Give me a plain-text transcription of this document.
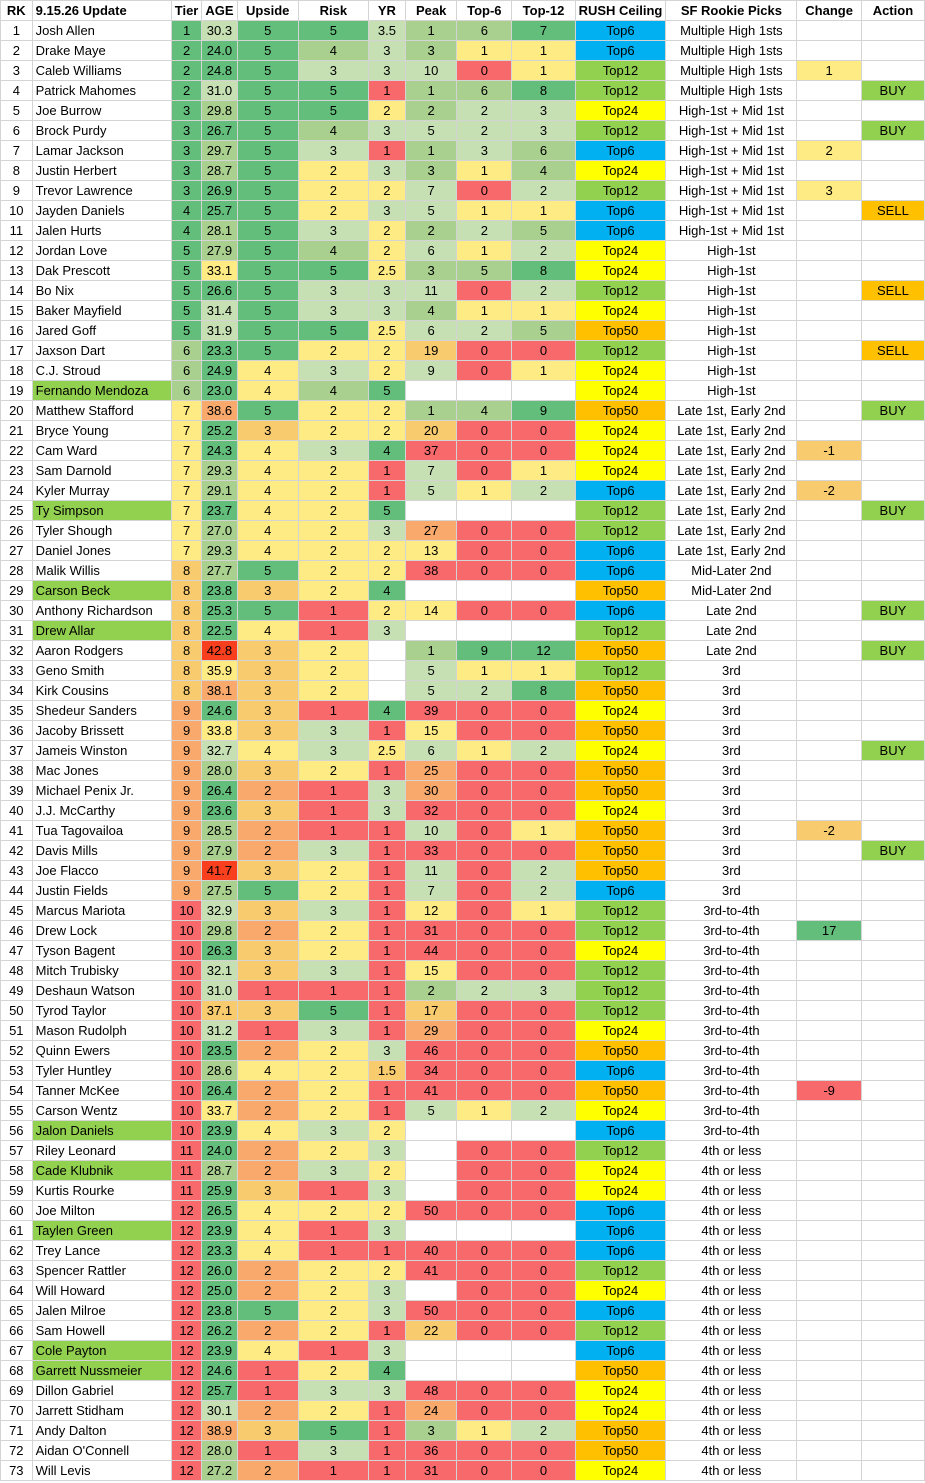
RK	9.15.26 Update	Tier	AGE	Upside	Risk	YR	Peak	Top-6	Top-12	RUSH Ceiling	SF Rookie Picks	Change	Action
1	Josh Allen	1	30.3	5	5	3.5	1	6	7	Top6	Multiple High 1sts		
2	Drake Maye	2	24.0	5	4	3	3	1	1	Top6	Multiple High 1sts		
3	Caleb Williams	2	24.8	5	3	3	10	0	1	Top12	Multiple High 1sts	1	
4	Patrick Mahomes	2	31.0	5	5	1	1	6	8	Top12	Multiple High 1sts		BUY
5	Joe Burrow	3	29.8	5	5	2	2	2	3	Top24	High-1st + Mid 1st		
6	Brock Purdy	3	26.7	5	4	3	5	2	3	Top12	High-1st + Mid 1st		BUY
7	Lamar Jackson	3	29.7	5	3	1	1	3	6	Top6	High-1st + Mid 1st	2	
8	Justin Herbert	3	28.7	5	2	3	3	1	4	Top24	High-1st + Mid 1st		
9	Trevor Lawrence	3	26.9	5	2	2	7	0	2	Top12	High-1st + Mid 1st	3	
10	Jayden Daniels	4	25.7	5	2	3	5	1	1	Top6	High-1st + Mid 1st		SELL
11	Jalen Hurts	4	28.1	5	3	2	2	2	5	Top6	High-1st + Mid 1st		
12	Jordan Love	5	27.9	5	4	2	6	1	2	Top24	High-1st		
13	Dak Prescott	5	33.1	5	5	2.5	3	5	8	Top24	High-1st		
14	Bo Nix	5	26.6	5	3	3	11	0	2	Top12	High-1st		SELL
15	Baker Mayfield	5	31.4	5	3	3	4	1	1	Top24	High-1st		
16	Jared Goff	5	31.9	5	5	2.5	6	2	5	Top50	High-1st		
17	Jaxson Dart	6	23.3	5	2	2	19	0	0	Top12	High-1st		SELL
18	C.J. Stroud	6	24.9	4	3	2	9	0	1	Top24	High-1st		
19	Fernando Mendoza	6	23.0	4	4	5				Top24	High-1st		
20	Matthew Stafford	7	38.6	5	2	2	1	4	9	Top50	Late 1st, Early 2nd		BUY
21	Bryce Young	7	25.2	3	2	2	20	0	0	Top24	Late 1st, Early 2nd		
22	Cam Ward	7	24.3	4	3	4	37	0	0	Top24	Late 1st, Early 2nd	-1	
23	Sam Darnold	7	29.3	4	2	1	7	0	1	Top24	Late 1st, Early 2nd		
24	Kyler Murray	7	29.1	4	2	1	5	1	2	Top6	Late 1st, Early 2nd	-2	
25	Ty Simpson	7	23.7	4	2	5				Top12	Late 1st, Early 2nd		BUY
26	Tyler Shough	7	27.0	4	2	3	27	0	0	Top12	Late 1st, Early 2nd		
27	Daniel Jones	7	29.3	4	2	2	13	0	0	Top6	Late 1st, Early 2nd		
28	Malik Willis	8	27.7	5	2	2	38	0	0	Top6	Mid-Later 2nd		
29	Carson Beck	8	23.8	3	2	4				Top50	Mid-Later 2nd		
30	Anthony Richardson	8	25.3	5	1	2	14	0	0	Top6	Late 2nd		BUY
31	Drew Allar	8	22.5	4	1	3				Top12	Late 2nd		
32	Aaron Rodgers	8	42.8	3	2		1	9	12	Top50	Late 2nd		BUY
33	Geno Smith	8	35.9	3	2		5	1	1	Top12	3rd		
34	Kirk Cousins	8	38.1	3	2		5	2	8	Top50	3rd		
35	Shedeur Sanders	9	24.6	3	1	4	39	0	0	Top24	3rd		
36	Jacoby Brissett	9	33.8	3	3	1	15	0	0	Top50	3rd		
37	Jameis Winston	9	32.7	4	3	2.5	6	1	2	Top24	3rd		BUY
38	Mac Jones	9	28.0	3	2	1	25	0	0	Top50	3rd		
39	Michael Penix Jr.	9	26.4	2	1	3	30	0	0	Top50	3rd		
40	J.J. McCarthy	9	23.6	3	1	3	32	0	0	Top24	3rd		
41	Tua Tagovailoa	9	28.5	2	1	1	10	0	1	Top50	3rd	-2	
42	Davis Mills	9	27.9	2	3	1	33	0	0	Top50	3rd		BUY
43	Joe Flacco	9	41.7	3	2	1	11	0	2	Top50	3rd		
44	Justin Fields	9	27.5	5	2	1	7	0	2	Top6	3rd		
45	Marcus Mariota	10	32.9	3	3	1	12	0	1	Top12	3rd-to-4th		
46	Drew Lock	10	29.8	2	2	1	31	0	0	Top12	3rd-to-4th	17	
47	Tyson Bagent	10	26.3	3	2	1	44	0	0	Top24	3rd-to-4th		
48	Mitch Trubisky	10	32.1	3	3	1	15	0	0	Top12	3rd-to-4th		
49	Deshaun Watson	10	31.0	1	1	1	2	2	3	Top12	3rd-to-4th		
50	Tyrod Taylor	10	37.1	3	5	1	17	0	0	Top12	3rd-to-4th		
51	Mason Rudolph	10	31.2	1	3	1	29	0	0	Top24	3rd-to-4th		
52	Quinn Ewers	10	23.5	2	2	3	46	0	0	Top50	3rd-to-4th		
53	Tyler Huntley	10	28.6	4	2	1.5	34	0	0	Top6	3rd-to-4th		
54	Tanner McKee	10	26.4	2	2	1	41	0	0	Top50	3rd-to-4th	-9	
55	Carson Wentz	10	33.7	2	2	1	5	1	2	Top24	3rd-to-4th		
56	Jalon Daniels	10	23.9	4	3	2				Top6	3rd-to-4th		
57	Riley Leonard	11	24.0	2	2	3		0	0	Top12	4th or less		
58	Cade Klubnik	11	28.7	2	3	2		0	0	Top24	4th or less		
59	Kurtis Rourke	11	25.9	3	1	3		0	0	Top24	4th or less		
60	Joe Milton	12	26.5	4	2	2	50	0	0	Top6	4th or less		
61	Taylen Green	12	23.9	4	1	3				Top6	4th or less		
62	Trey Lance	12	23.3	4	1	1	40	0	0	Top6	4th or less		
63	Spencer Rattler	12	26.0	2	2	2	41	0	0	Top12	4th or less		
64	Will Howard	12	25.0	2	2	3		0	0	Top24	4th or less		
65	Jalen Milroe	12	23.8	5	2	3	50	0	0	Top6	4th or less		
66	Sam Howell	12	26.2	2	2	1	22	0	0	Top12	4th or less		
67	Cole Payton	12	23.9	4	1	3				Top6	4th or less		
68	Garrett Nussmeier	12	24.6	1	2	4				Top50	4th or less		
69	Dillon Gabriel	12	25.7	1	3	3	48	0	0	Top24	4th or less		
70	Jarrett Stidham	12	30.1	2	2	1	24	0	0	Top24	4th or less		
71	Andy Dalton	12	38.9	3	5	1	3	1	2	Top50	4th or less		
72	Aidan O'Connell	12	28.0	1	3	1	36	0	0	Top50	4th or less		
73	Will Levis	12	27.2	2	1	1	31	0	0	Top24	4th or less		
